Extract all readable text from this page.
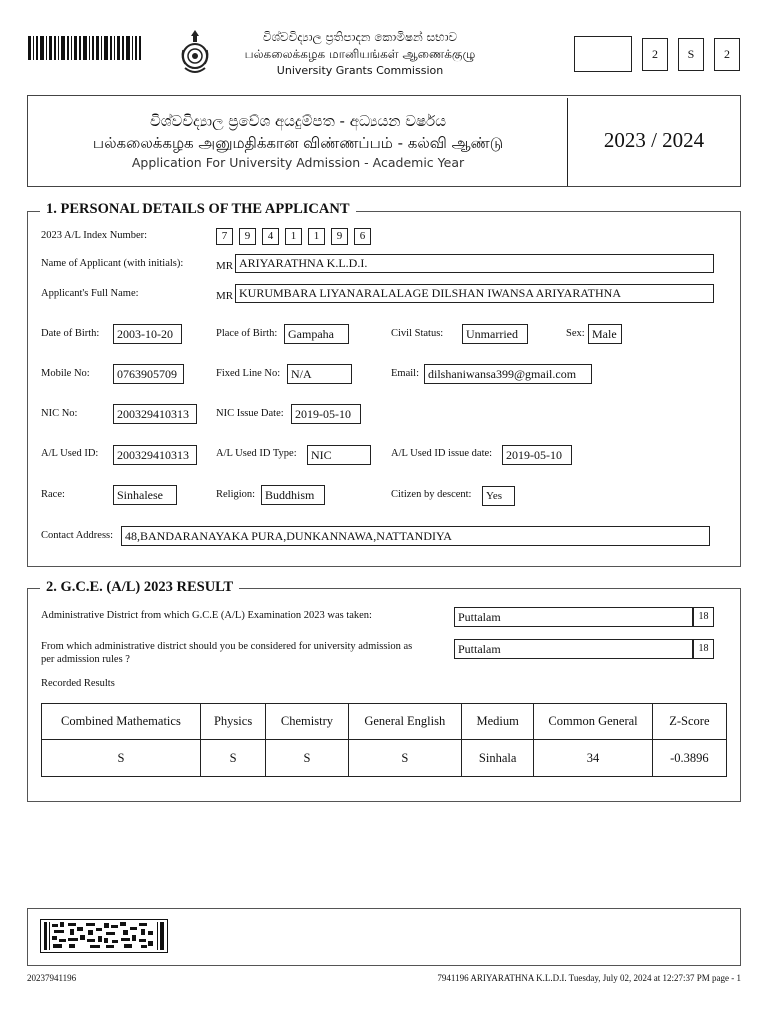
විශ්වවිද්‍යාල ප්‍රතිපාදන කොමිෂන් සභාව
பல்கலைக்கழக மானியங்கள் ஆணைக்குழு
University Grants Commission
2	S	2
විශ්වවිද්‍යාල ප්‍රවේශ අයදුම්පත - අධ්‍යයන වර්ෂය
பல்கலைக்கழக அனுமதிக்கான விண்ணப்பம் - கல்வி ஆண்டு
Application For University Admission - Academic Year
2023 / 2024
1. PERSONAL DETAILS OF THE APPLICANT
2023 A/L Index Number:	7	9	4	1	1	9	6
Name of Applicant (with initials):	MR ARIYARATHNA K.L.D.I.
Applicant's Full Name:	MR KURUMBARA LIYANARALALAGE DILSHAN IWANSA ARIYARATHNA
Date of Birth:	2003-10-20	Place of Birth: Gampaha	Civil Status:	Unmarried	Sex: Male
Mobile No:	0763905709	Fixed Line No: N/A	Email: dilshaniwansa399@gmail.com
NIC No:	200329410313	NIC Issue Date: 2019-05-10
A/L Used ID:	200329410313	A/L Used ID Type:	NIC	A/L Used ID issue date:	2019-05-10
Race:	Sinhalese	Religion: Buddhism	Citizen by descent:	Yes
Contact Address: 48,BANDARANAYAKA PURA,DUNKANNAWA,NATTANDIYA
2. G.C.E. (A/L) 2023 RESULT
Administrative District from which G.C.E (A/L) Examination 2023 was taken:	Puttalam	18
From which administrative district should you be considered for university admission as
per admission rules ?
Puttalam	18
Recorded Results
Combined Mathematics	Physics	Chemistry	General English	Medium	Common General	Z-Score
S	S	S	S	Sinhala	34	-0.3896
20237941196	7941196 ARIYARATHNA K.L.D.I. Tuesday, July 02, 2024 at 12:27:37 PM page - 1
